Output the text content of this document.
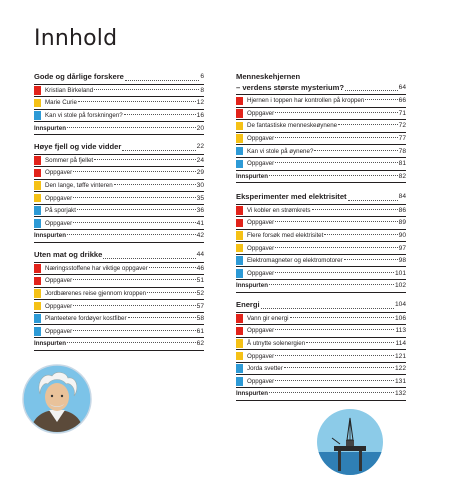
Innhold
Gode og dårlige forskere	6
Kristian Birkeland	8
Marie Curie	12
Kan vi stole på forskningen?	16
Innspurten	20
Høye fjell og vide vidder	22
Sommer på fjellet	24
Oppgaver	29
Den lange, tøffe vinteren	30
Oppgaver	35
På sporjakt	36
Oppgaver	41
Innspurten	42
Uten mat og drikke	44
Næringsstoffene har viktige oppgaver	46
Oppgaver	51
Jordbærenes reise gjennom kroppen	52
Oppgaver	57
Planteetere fordøyer kostfiber	58
Oppgaver	61
Innspurten	62
Menneskehjernen
– verdens største mysterium?	64
Hjernen i toppen har kontrollen på kroppen	66
Oppgaver	71
De fantastiske menneskeøynene	72
Oppgaver	77
Kan vi stole på øynene?	78
Oppgaver	81
Innspurten	82
Eksperimenter med elektrisitet	84
Vi kobler en strømkrets	86
Oppgaver	89
Flere forsøk med elektrisitet	90
Oppgaver	97
Elektromagneter og elektromotorer	98
Oppgaver	101
Innspurten	102
Energi	104
Vann gir energi	106
Oppgaver	113
Å utnytte solenergien	114
Oppgaver	121
Jorda svetter	122
Oppgaver	131
Innspurten	132
